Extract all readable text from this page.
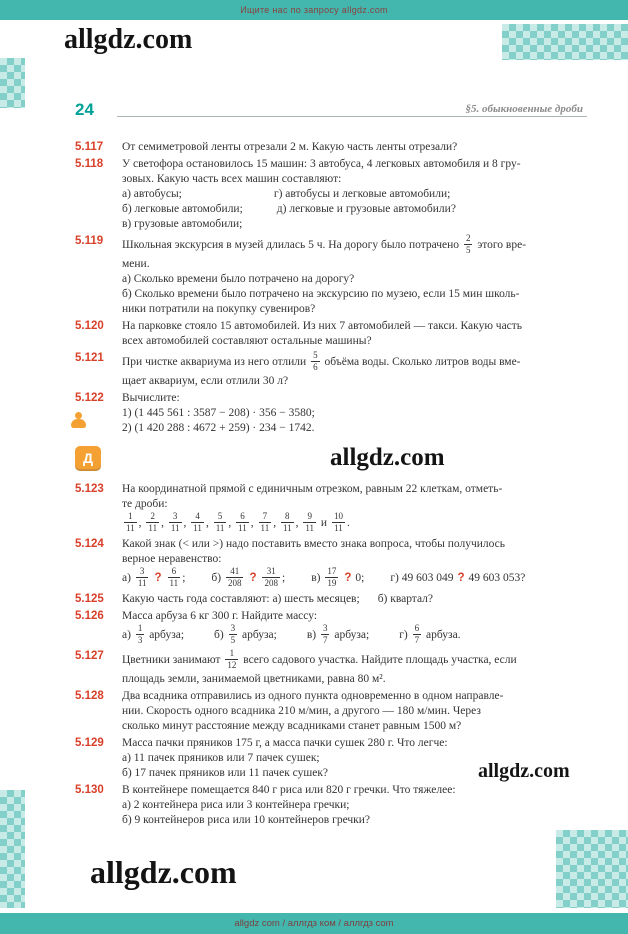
Ищите нас по запросу allgdz.com
allgdz.com
24	§5. обыкновенные дроби
5.117	От семиметровой ленты отрезали 2 м. Какую часть ленты отрезали?
5.118	У светофора остановилось 15 машин: 3 автобуса, 4 легковых автомобиля и 8 гру-
зовых. Какую часть всех машин составляют:
а) автобусы;	г) автобусы и легковые автомобили;
б) легковые автомобили;	д) легковые и грузовые автомобили?
в) грузовые автомобили;
5.119	Школьная экскурсия в музей длилась 5 ч. На дорогу было потрачено $\frac{2}{5}$ этого вре-
мени.
а) Сколько времени было потрачено на дорогу?
б) Сколько времени было потрачено на экскурсию по музею, если 15 мин школь-
ники потратили на покупку сувениров?
5.120	На парковке стояло 15 автомобилей. Из них 7 автомобилей — такси. Какую часть
всех автомобилей составляют остальные машины?
5.121	При чистке аквариума из него отлили $\frac{5}{6}$ объёма воды. Сколько литров воды вме-
щает аквариум, если отлили 30 л?
5.122	Вычислите:
1) (1 445 561 : 3587 − 208) · 356 − 3580;
2) (1 420 288 : 4672 + 259) · 234 − 1742.
Д	allgdz.com
5.123	На координатной прямой с единичным отрезком, равным 22 клеткам, отметь-
те дроби:
$\frac{1}{11}$ , $\frac{2}{11}$ , $\frac{3}{11}$ , $\frac{4}{11}$ , $\frac{5}{11}$ , $\frac{6}{11}$ , $\frac{7}{11}$ , $\frac{8}{11}$ , $\frac{9}{11}$ и $\frac{10}{11}$ .
5.124	Какой знак (< или >) надо поставить вместо знака вопроса, чтобы получилось
верное неравенство:
$а) \frac{3}{11}$ ? $\frac{6}{11}$ ; $б) \frac{41}{208}$ ? $\frac{31}{208}$ ; $в) \frac{17}{19}$ ? 0; г) 49 603 049 ? 49 603 053?
5.125	Какую часть года составляют: а) шесть месяцев; б) квартал?
5.126	Масса арбуза 6 кг 300 г. Найдите массу:
$а) \frac{1}{3}$ арбуза;	$б) \frac{3}{5}$ арбуза;	$в) \frac{3}{7}$ арбуза;	$г) \frac{6}{7}$ арбуза.
5.127	Цветники занимают $\frac{1}{12}$ всего садового участка. Найдите площадь участка, если
площадь земли, занимаемой цветниками, равна 80 м².
5.128	Два всадника отправились из одного пункта одновременно в одном направле-
нии. Скорость одного всадника 210 м/мин, а другого — 180 м/мин. Через
сколько минут расстояние между всадниками станет равным 1500 м?
5.129	Масса пачки пряников 175 г, а масса пачки сушек 280 г. Что легче:
а) 11 пачек пряников или 7 пачек сушек;
б) 17 пачек пряников или 11 пачек сушек?
5.130	В контейнере помещается 840 г риса или 820 г гречки. Что тяжелее:
а) 2 контейнера риса или 3 контейнера гречки;
б) 9 контейнеров риса или 10 контейнеров гречки?
allgdz.com
allgdz.com
allgdz com / аллгдз ком / аллгдз com
